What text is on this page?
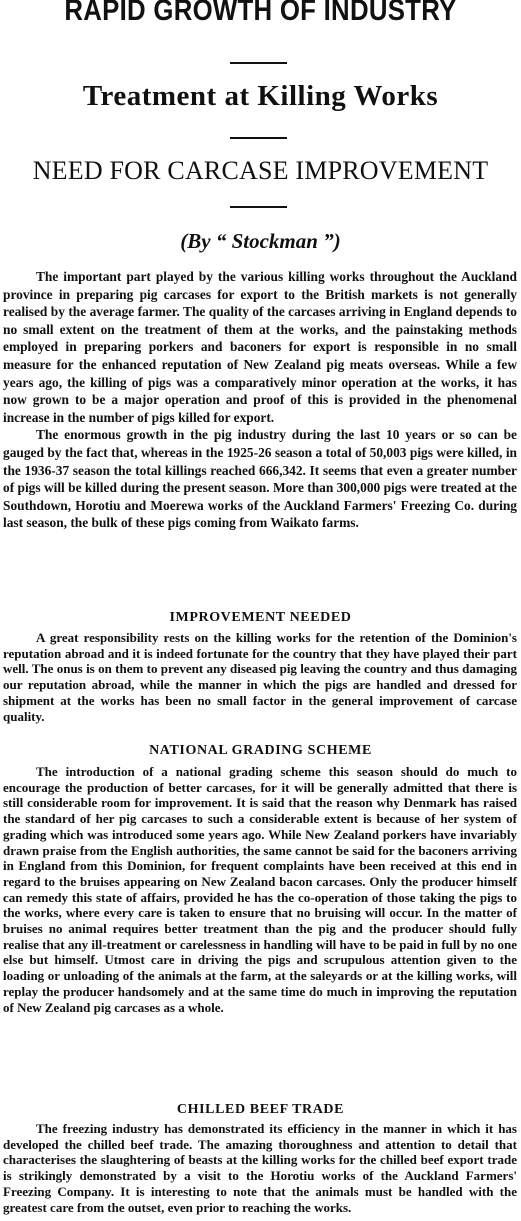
RAPID GROWTH OF INDUSTRY
Treatment at Killing Works
NEED FOR CARCASE IMPROVEMENT
(By “ Stockman ”)

The important part played by the various killing works throughout the Auckland province in preparing pig carcases for export to the British markets is not generally realised by the average farmer. The quality of the carcases arriving in England depends to no small extent on the treatment of them at the works, and the painstaking methods employed in preparing porkers and baconers for export is responsible in no small measure for the enhanced reputation of New Zealand pig meats overseas. While a few years ago, the killing of pigs was a comparatively minor operation at the works, it has now grown to be a major operation and proof of this is provided in the phenomenal increase in the number of pigs killed for export.

The enormous growth in the pig industry during the last 10 years or so can be gauged by the fact that, whereas in the 1925-26 season a total of 50,003 pigs were killed, in the 1936-37 season the total killings reached 666,342. It seems that even a greater number of pigs will be killed during the present season. More than 300,000 pigs were treated at the Southdown, Horotiu and Moerewa works of the Auckland Farmers' Freezing Co. during last season, the bulk of these pigs coming from Waikato farms.

IMPROVEMENT NEEDED

A great responsibility rests on the killing works for the retention of the Dominion's reputation abroad and it is indeed fortunate for the country that they have played their part well. The onus is on them to prevent any diseased pig leaving the country and thus damaging our reputation abroad, while the manner in which the pigs are handled and dressed for shipment at the works has been no small factor in the general improvement of carcase quality.

NATIONAL GRADING SCHEME

The introduction of a national grading scheme this season should do much to encourage the production of better carcases, for it will be generally admitted that there is still considerable room for improvement. It is said that the reason why Denmark has raised the standard of her pig carcases to such a considerable extent is because of her system of grading which was introduced some years ago. While New Zealand porkers have invariably drawn praise from the English authorities, the same cannot be said for the baconers arriving in England from this Dominion, for frequent complaints have been received at this end in regard to the bruises appearing on New Zealand bacon carcases. Only the producer himself can remedy this state of affairs, provided he has the co-operation of those taking the pigs to the works, where every care is taken to ensure that no bruising will occur. In the matter of bruises no animal requires better treatment than the pig and the producer should fully realise that any ill-treatment or carelessness in handling will have to be paid in full by no one else but himself. Utmost care in driving the pigs and scrupulous attention given to the loading or unloading of the animals at the farm, at the saleyards or at the killing works, will replay the producer handsomely and at the same time do much in improving the reputation of New Zealand pig carcases as a whole.

CHILLED BEEF TRADE

The freezing industry has demonstrated its efficiency in the manner in which it has developed the chilled beef trade. The amazing thoroughness and attention to detail that characterises the slaughtering of beasts at the killing works for the chilled beef export trade is strikingly demonstrated by a visit to the Horotiu works of the Auckland Farmers' Freezing Company. It is interesting to note that the animals must be handled with the greatest care from the outset, even prior to reaching the works.
